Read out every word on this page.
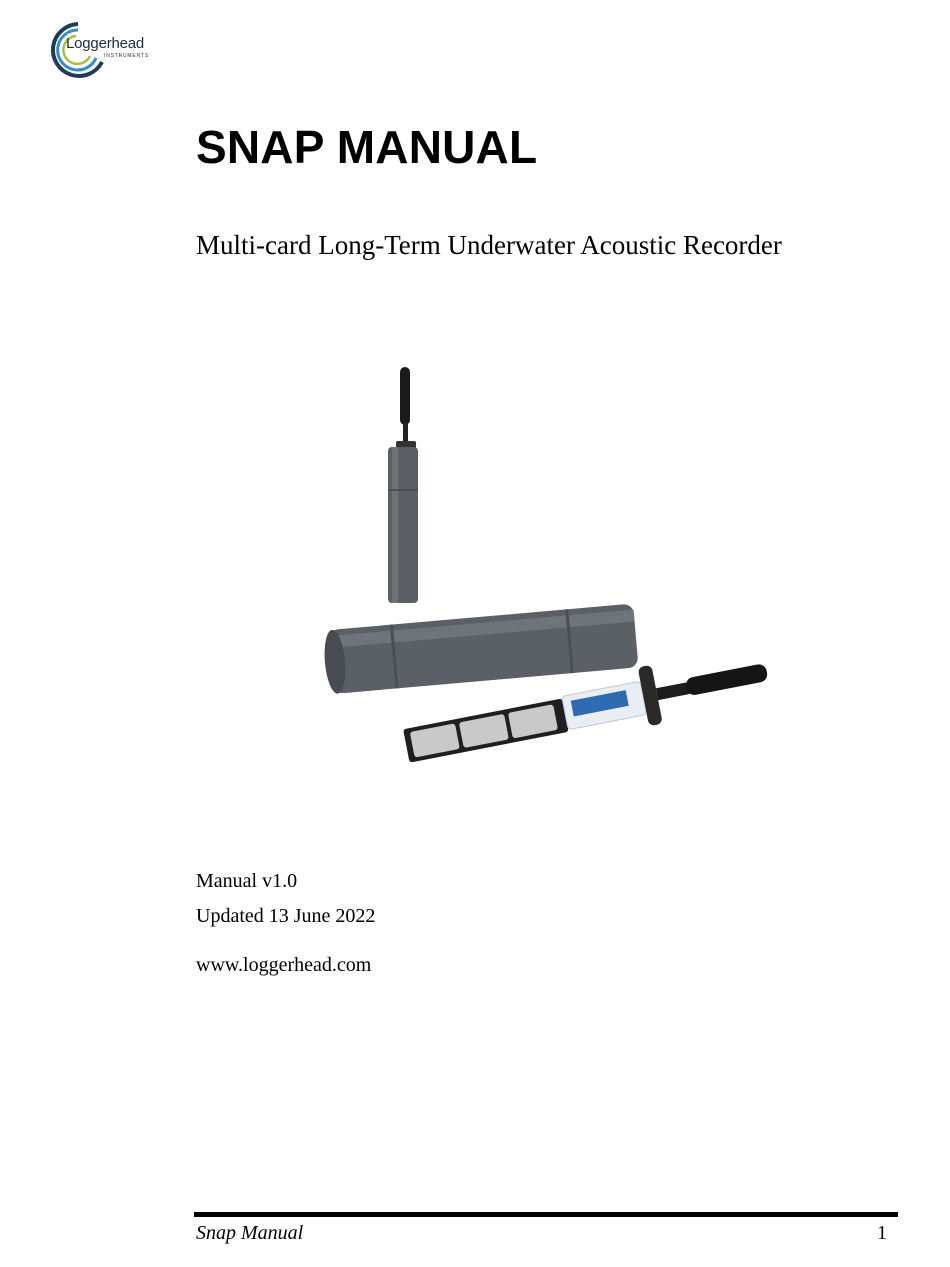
Loggerhead
INSTRUMENTS
SNAP MANUAL
Multi-card Long-Term Underwater Acoustic Recorder
Manual v1.0
Updated 13 June 2022
www.loggerhead.com
Snap Manual	1
